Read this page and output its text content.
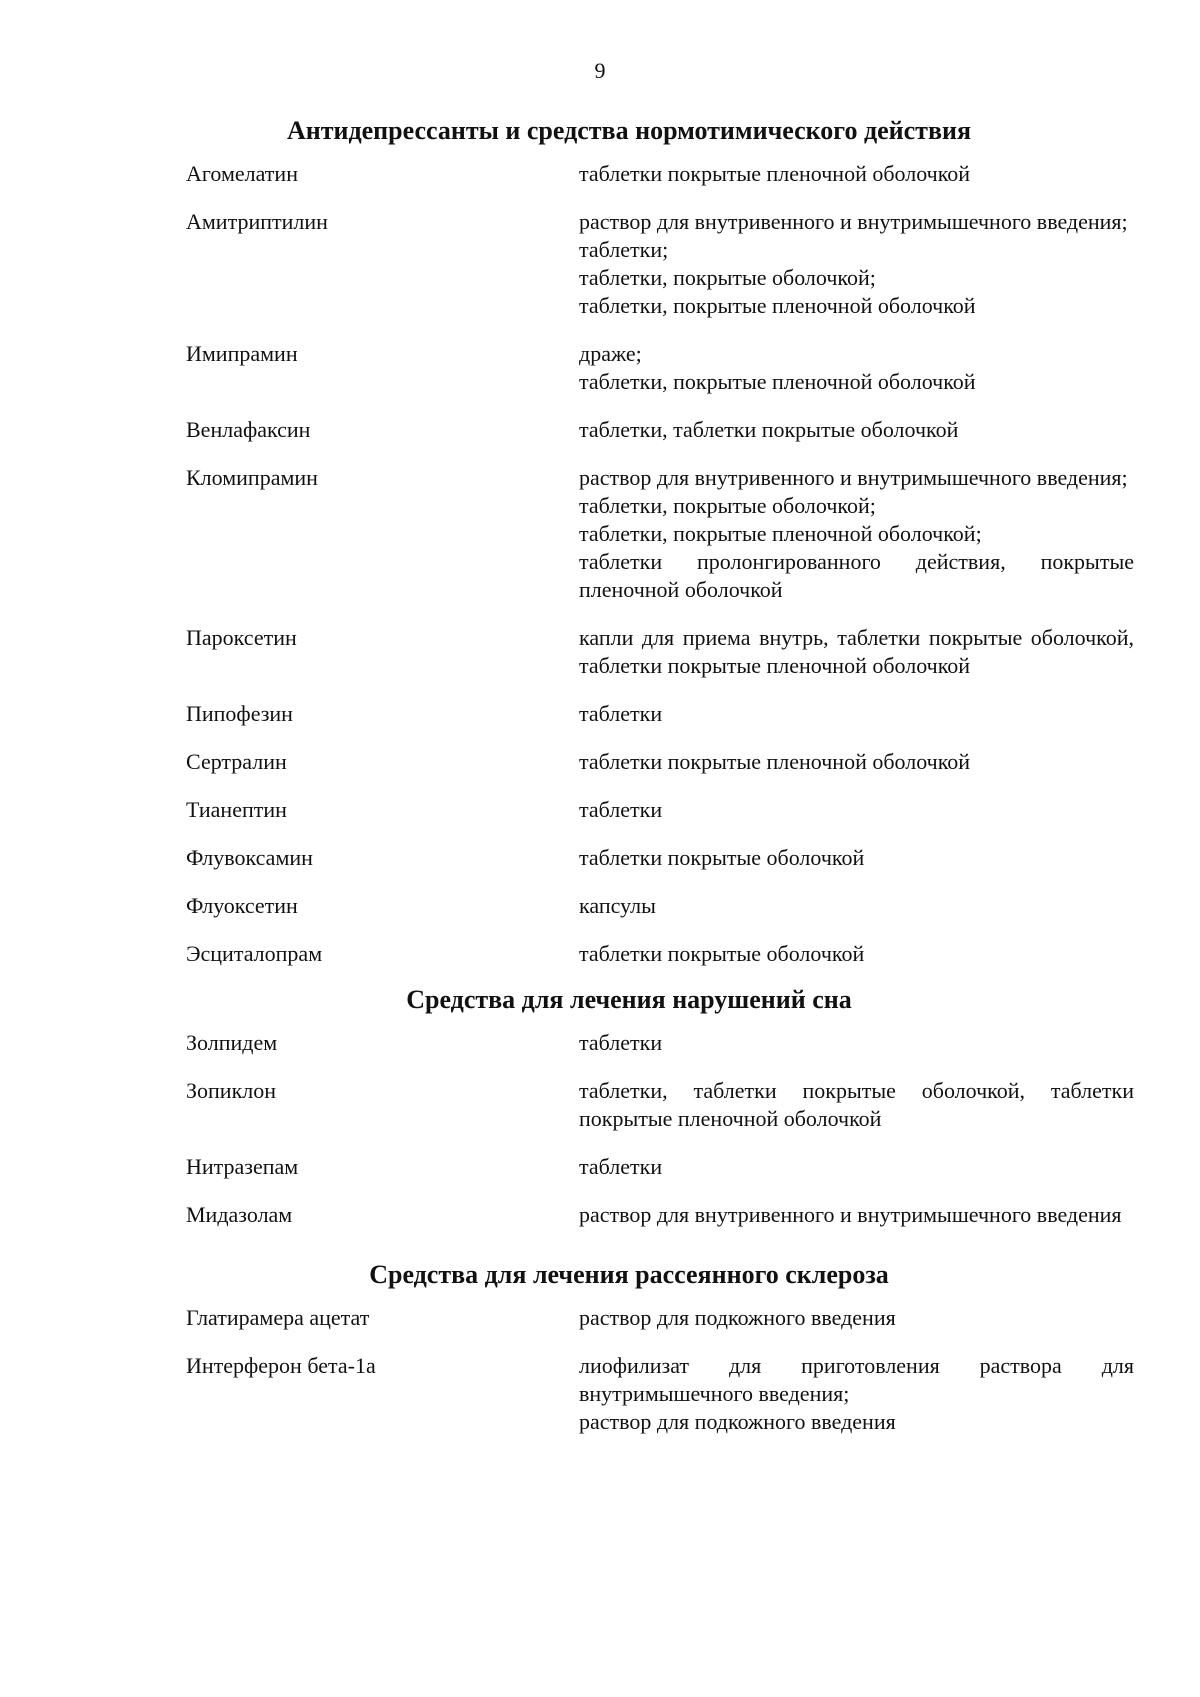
9
Антидепрессанты и средства нормотимического действия
Агомелатин	таблетки покрытые пленочной оболочкой
Амитриптилин	раствор для внутривенного и внутримышечного введения;
таблетки;
таблетки, покрытые оболочкой;
таблетки, покрытые пленочной оболочкой
Имипрамин	драже;
таблетки, покрытые пленочной оболочкой
Венлафаксин	таблетки, таблетки покрытые оболочкой
Кломипрамин	раствор для внутривенного и внутримышечного введения;
таблетки, покрытые оболочкой;
таблетки, покрытые пленочной оболочкой;
таблетки пролонгированного действия, покрытые пленочной оболочкой
Пароксетин	капли для приема внутрь, таблетки покрытые оболочкой, таблетки покрытые пленочной оболочкой
Пипофезин	таблетки
Сертралин	таблетки покрытые пленочной оболочкой
Тианептин	таблетки
Флувоксамин	таблетки покрытые оболочкой
Флуоксетин	капсулы
Эсциталопрам	таблетки покрытые оболочкой
Средства для лечения нарушений сна
Золпидем	таблетки
Зопиклон	таблетки, таблетки покрытые оболочкой, таблетки покрытые пленочной оболочкой
Нитразепам	таблетки
Мидазолам	раствор для внутривенного и внутримышечного введения
Средства для лечения рассеянного склероза
Глатирамера ацетат	раствор для подкожного введения
Интерферон бета-1а	лиофилизат для приготовления раствора для внутримышечного введения;
раствор для подкожного введения
